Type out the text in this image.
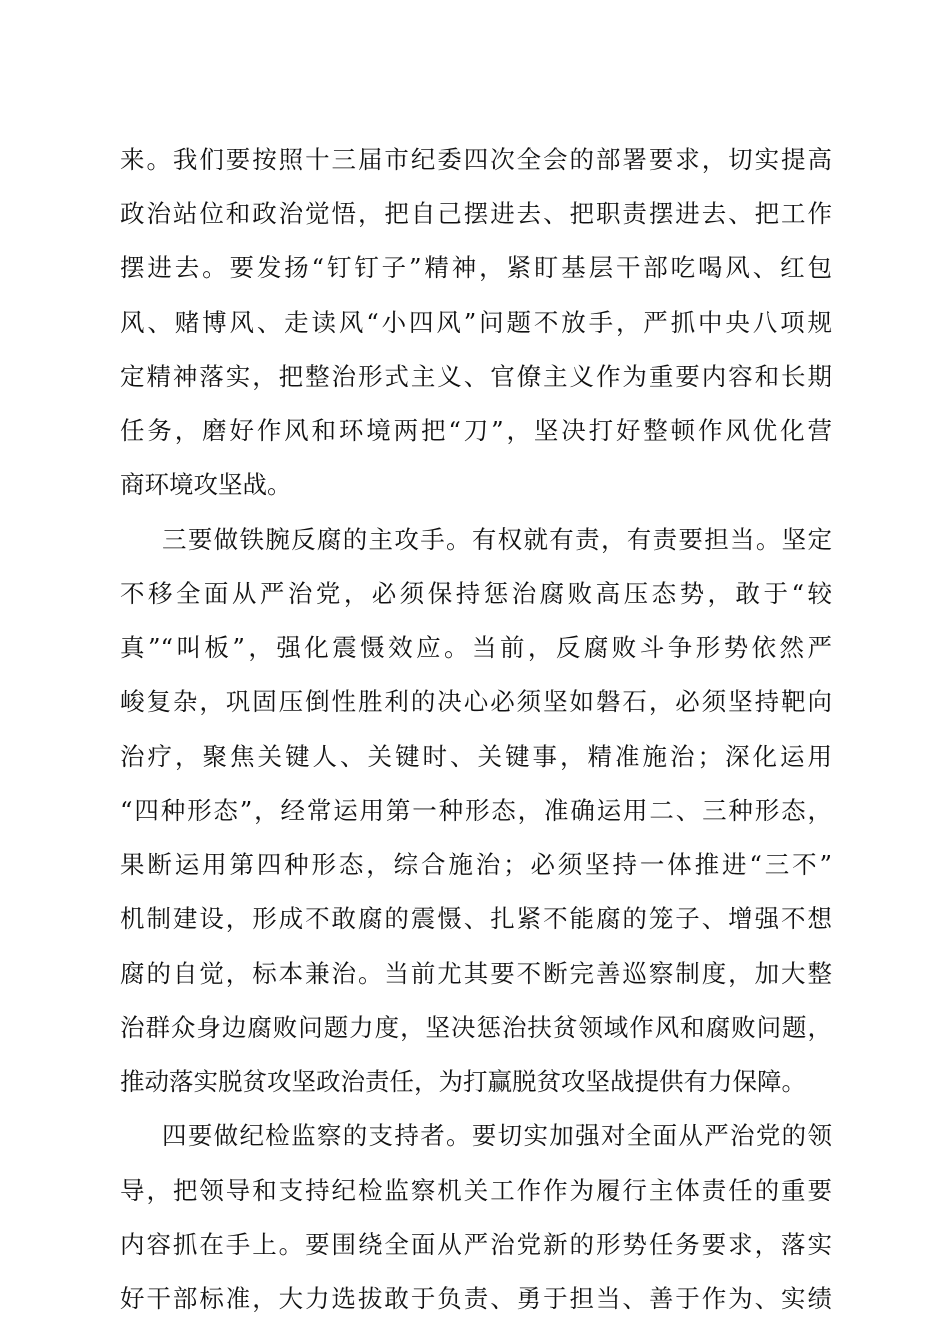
来。我们要按照十三届市纪委四次全会的部署要求，切实提高
政治站位和政治觉悟，把自己摆进去、把职责摆进去、把工作
摆进去。要发扬“钉钉子”精神，紧盯基层干部吃喝风、红包
风、赌博风、走读风“小四风”问题不放手，严抓中央八项规
定精神落实，把整治形式主义、官僚主义作为重要内容和长期
任务，磨好作风和环境两把“刀”，坚决打好整顿作风优化营
商环境攻坚战。
三要做铁腕反腐的主攻手。有权就有责，有责要担当。坚定
不移全面从严治党，必须保持惩治腐败高压态势，敢于“较
真”“叫板”，强化震慑效应。当前，反腐败斗争形势依然严
峻复杂，巩固压倒性胜利的决心必须坚如磐石，必须坚持靶向
治疗，聚焦关键人、关键时、关键事，精准施治；深化运用
“四种形态”，经常运用第一种形态，准确运用二、三种形态，
果断运用第四种形态，综合施治；必须坚持一体推进“三不”
机制建设，形成不敢腐的震慑、扎紧不能腐的笼子、增强不想
腐的自觉，标本兼治。当前尤其要不断完善巡察制度，加大整
治群众身边腐败问题力度，坚决惩治扶贫领域作风和腐败问题，
推动落实脱贫攻坚政治责任，为打赢脱贫攻坚战提供有力保障。
四要做纪检监察的支持者。要切实加强对全面从严治党的领
导，把领导和支持纪检监察机关工作作为履行主体责任的重要
内容抓在手上。要围绕全面从严治党新的形势任务要求，落实
好干部标准，大力选拔敢于负责、勇于担当、善于作为、实绩
